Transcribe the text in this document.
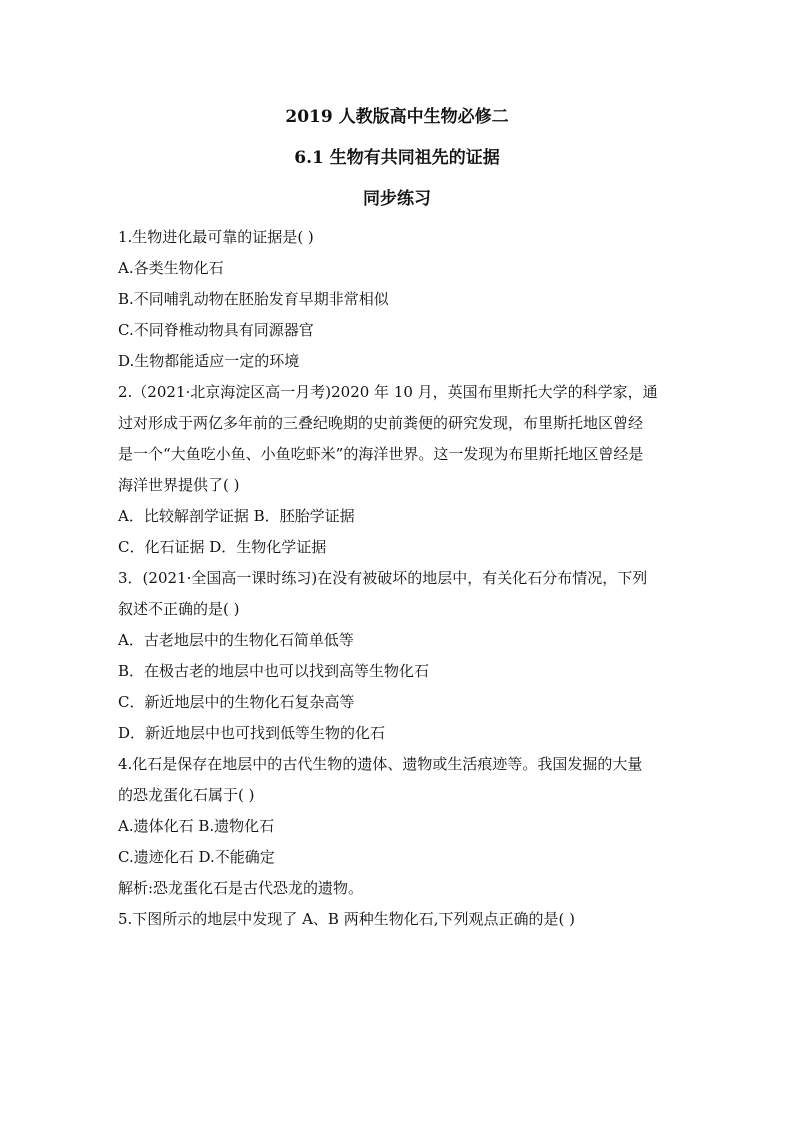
2019 人教版高中生物必修二
6.1 生物有共同祖先的证据
同步练习
1.生物进化最可靠的证据是( )
A.各类生物化石
B.不同哺乳动物在胚胎发育早期非常相似
C.不同脊椎动物具有同源器官
D.生物都能适应一定的环境
2.（2021·北京海淀区高一月考)2020 年 10 月，英国布里斯托大学的科学家，通
过对形成于两亿多年前的三叠纪晚期的史前粪便的研究发现，布里斯托地区曾经
是一个“大鱼吃小鱼、小鱼吃虾米”的海洋世界。这一发现为布里斯托地区曾经是
海洋世界提供了( )
A．比较解剖学证据 B．胚胎学证据
C．化石证据 D．生物化学证据
3．(2021·全国高一课时练习)在没有被破坏的地层中，有关化石分布情况，下列
叙述不正确的是( )
A．古老地层中的生物化石简单低等
B．在极古老的地层中也可以找到高等生物化石
C．新近地层中的生物化石复杂高等
D．新近地层中也可找到低等生物的化石
4.化石是保存在地层中的古代生物的遗体、遗物或生活痕迹等。我国发掘的大量
的恐龙蛋化石属于( )
A.遗体化石 B.遗物化石
C.遗迹化石 D.不能确定
解析:恐龙蛋化石是古代恐龙的遗物。
5.下图所示的地层中发现了 A、B 两种生物化石,下列观点正确的是( )
